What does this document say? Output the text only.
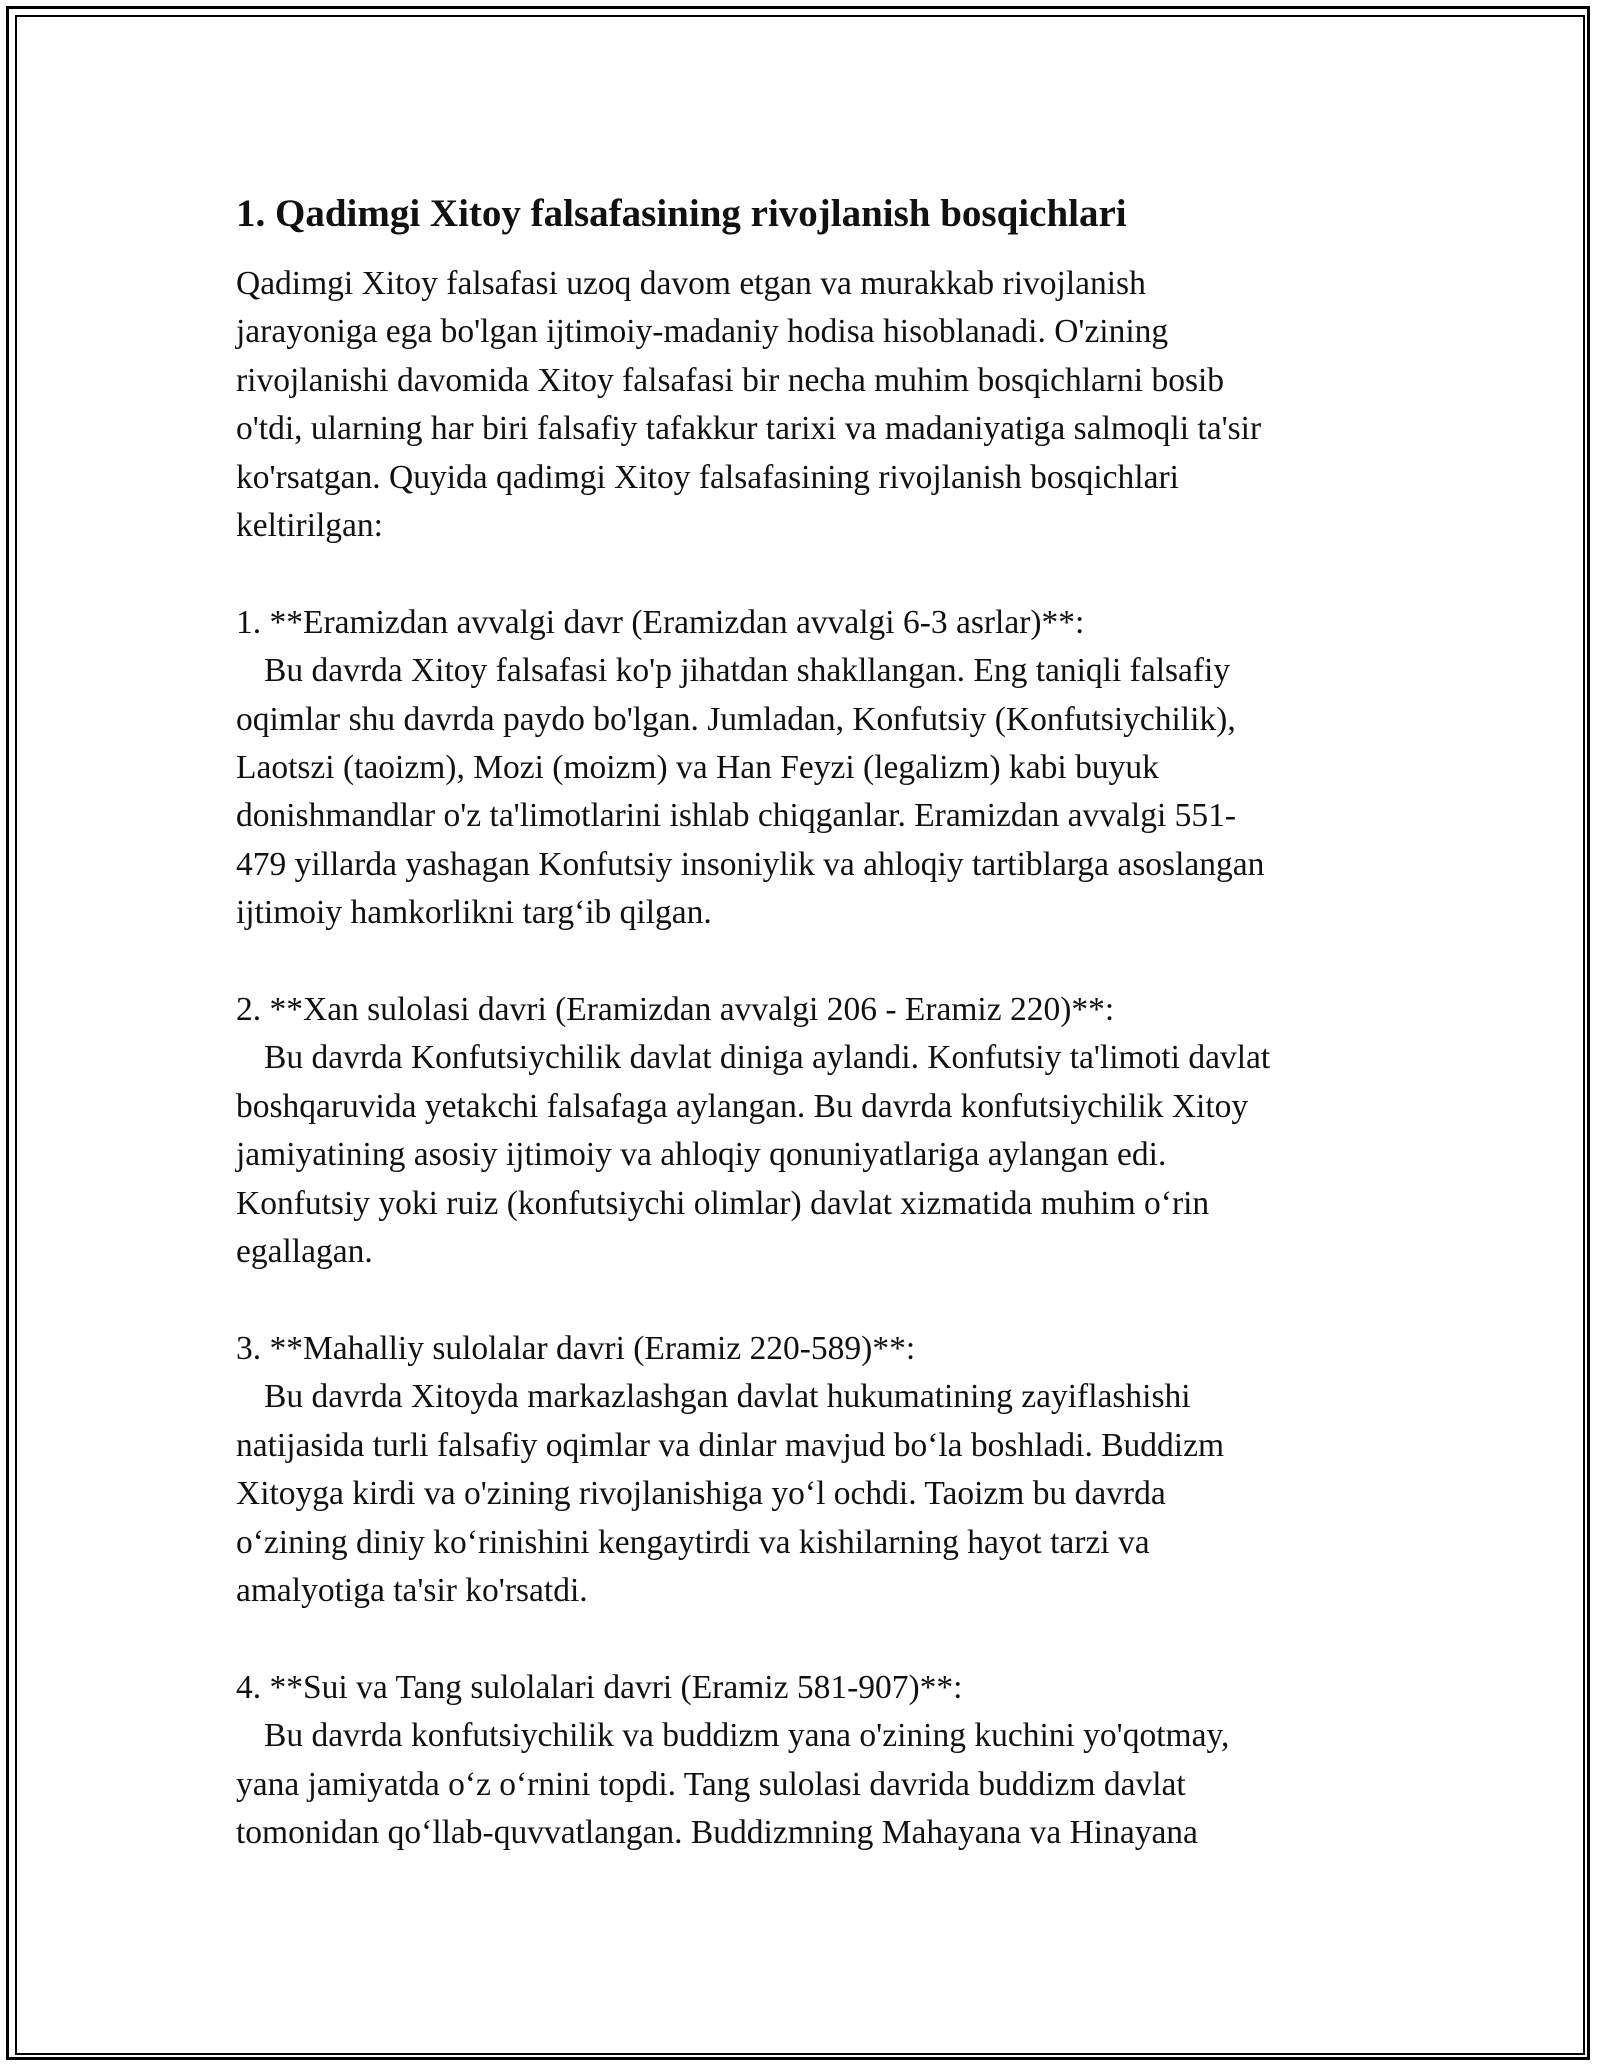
1. Qadimgi Xitoy falsafasining rivojlanish bosqichlari

Qadimgi Xitoy falsafasi uzoq davom etgan va murakkab rivojlanish
jarayoniga ega bo'lgan ijtimoiy-madaniy hodisa hisoblanadi. O'zining
rivojlanishi davomida Xitoy falsafasi bir necha muhim bosqichlarni bosib
o'tdi, ularning har biri falsafiy tafakkur tarixi va madaniyatiga salmoqli ta'sir
ko'rsatgan. Quyida qadimgi Xitoy falsafasining rivojlanish bosqichlari
keltirilgan:

1. **Eramizdan avvalgi davr (Eramizdan avvalgi 6-3 asrlar)**:

Bu davrda Xitoy falsafasi ko'p jihatdan shakllangan. Eng taniqli falsafiy
oqimlar shu davrda paydo bo'lgan. Jumladan, Konfutsiy (Konfutsiychilik),
Laotszi (taoizm), Mozi (moizm) va Han Feyzi (legalizm) kabi buyuk
donishmandlar o'z ta'limotlarini ishlab chiqganlar. Eramizdan avvalgi 551-
479 yillarda yashagan Konfutsiy insoniylik va ahloqiy tartiblarga asoslangan
ijtimoiy hamkorlikni targ‘ib qilgan.

2. **Xan sulolasi davri (Eramizdan avvalgi 206 - Eramiz 220)**:

Bu davrda Konfutsiychilik davlat diniga aylandi. Konfutsiy ta'limoti davlat
boshqaruvida yetakchi falsafaga aylangan. Bu davrda konfutsiychilik Xitoy
jamiyatining asosiy ijtimoiy va ahloqiy qonuniyatlariga aylangan edi.
Konfutsiy yoki ruiz (konfutsiychi olimlar) davlat xizmatida muhim o‘rin
egallagan.

3. **Mahalliy sulolalar davri (Eramiz 220-589)**:

Bu davrda Xitoyda markazlashgan davlat hukumatining zayiflashishi
natijasida turli falsafiy oqimlar va dinlar mavjud bo‘la boshladi. Buddizm
Xitoyga kirdi va o'zining rivojlanishiga yo‘l ochdi. Taoizm bu davrda
o‘zining diniy ko‘rinishini kengaytirdi va kishilarning hayot tarzi va
amalyotiga ta'sir ko'rsatdi.

4. **Sui va Tang sulolalari davri (Eramiz 581-907)**:

Bu davrda konfutsiychilik va buddizm yana o'zining kuchini yo'qotmay,
yana jamiyatda o‘z o‘rnini topdi. Tang sulolasi davrida buddizm davlat
tomonidan qo‘llab-quvvatlangan. Buddizmning Mahayana va Hinayana
